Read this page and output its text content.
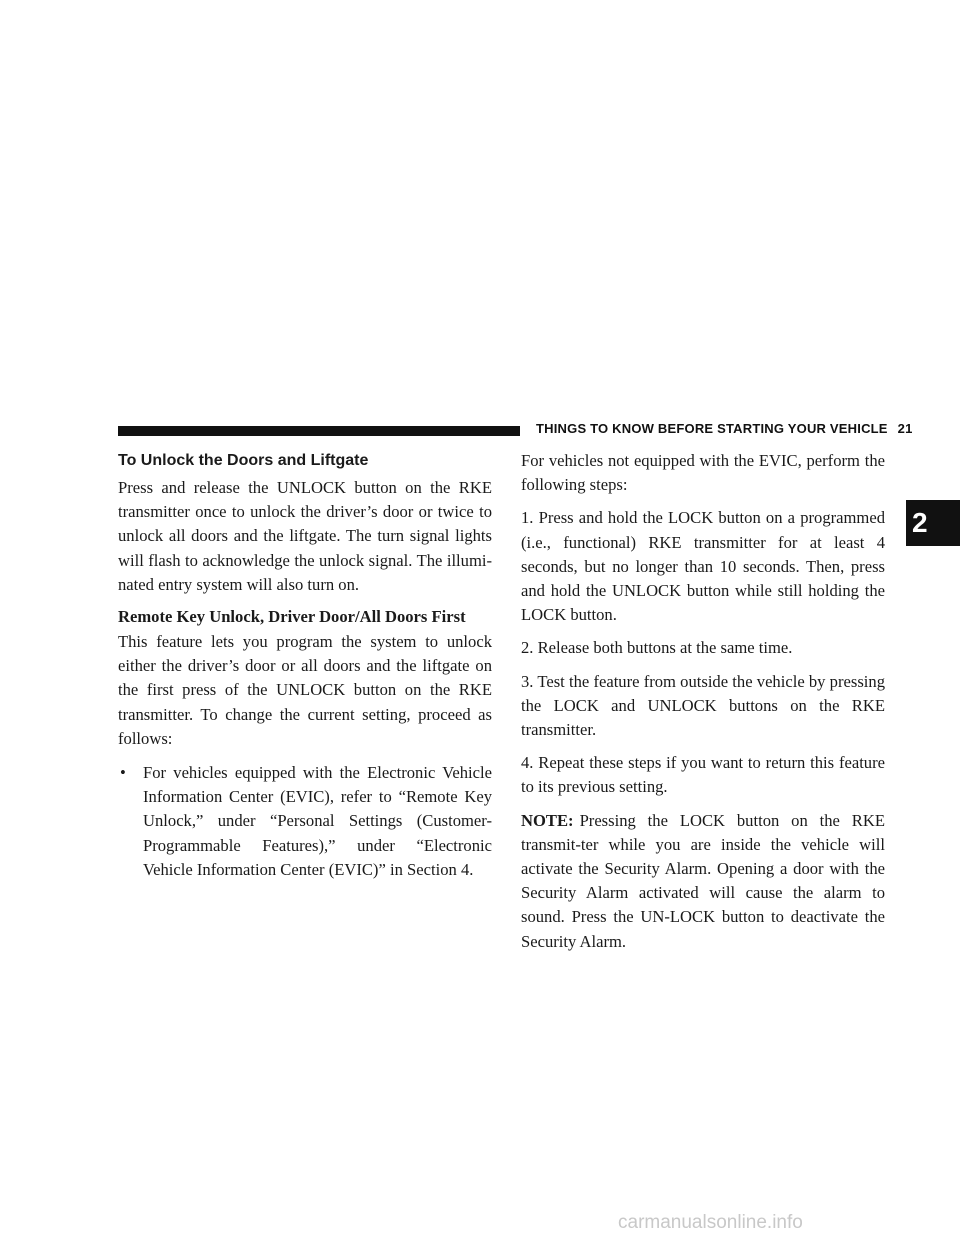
THINGS TO KNOW BEFORE STARTING YOUR VEHICLE 21
2

To Unlock the Doors and Liftgate

Press and release the UNLOCK button on the RKE transmitter once to unlock the driver’s door or twice to unlock all doors and the liftgate. The turn signal lights will flash to acknowledge the unlock signal. The illumi-nated entry system will also turn on.

Remote Key Unlock, Driver Door/All Doors First

This feature lets you program the system to unlock either the driver’s door or all doors and the liftgate on the first press of the UNLOCK button on the RKE transmitter. To change the current setting, proceed as follows:

• For vehicles equipped with the Electronic Vehicle Information Center (EVIC), refer to “Remote Key Unlock,” under “Personal Settings (Customer-Programmable Features),” under “Electronic Vehicle Information Center (EVIC)” in Section 4.

For vehicles not equipped with the EVIC, perform the following steps:

1. Press and hold the LOCK button on a programmed (i.e., functional) RKE transmitter for at least 4 seconds, but no longer than 10 seconds. Then, press and hold the UNLOCK button while still holding the LOCK button.

2. Release both buttons at the same time.

3. Test the feature from outside the vehicle by pressing the LOCK and UNLOCK buttons on the RKE transmitter.

4. Repeat these steps if you want to return this feature to its previous setting.

NOTE: Pressing the LOCK button on the RKE transmit-ter while you are inside the vehicle will activate the Security Alarm. Opening a door with the Security Alarm activated will cause the alarm to sound. Press the UN-LOCK button to deactivate the Security Alarm.

carmanualsonline.info
